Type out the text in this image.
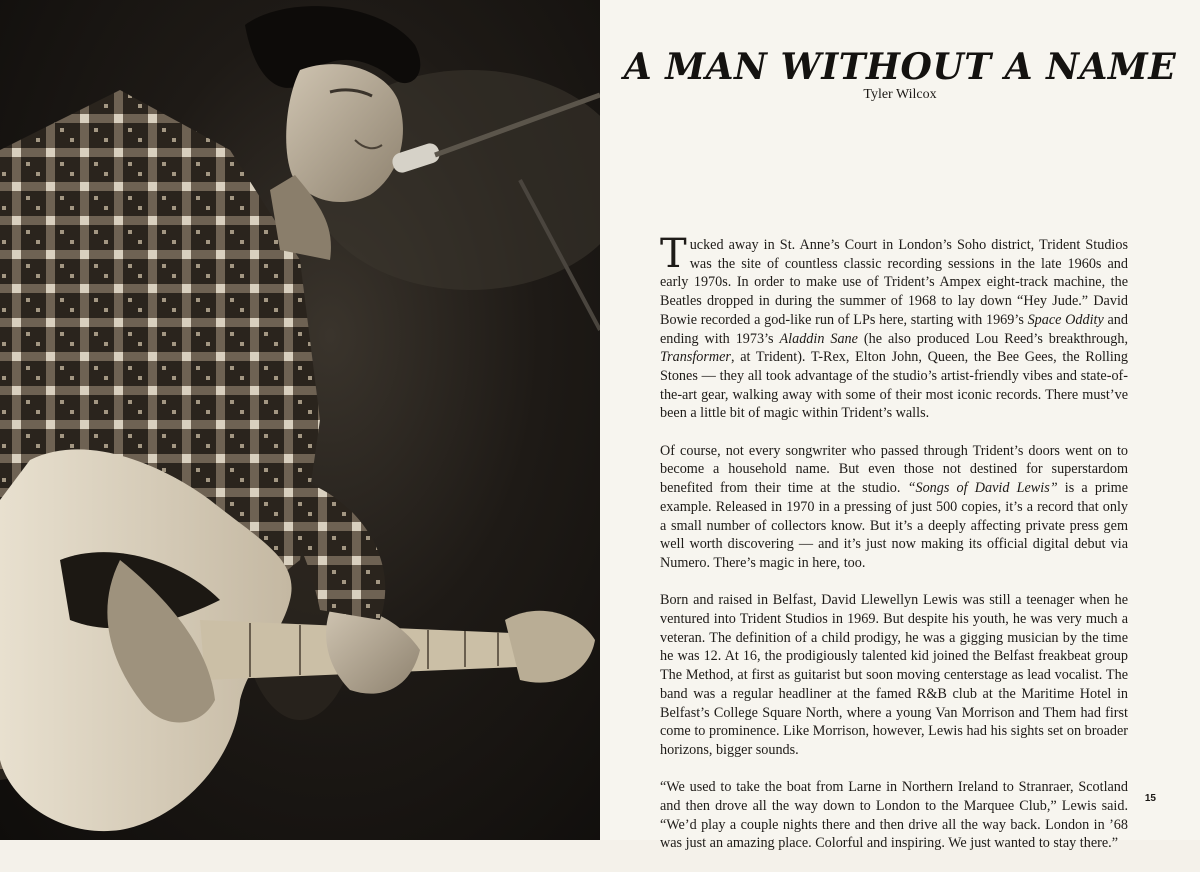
A MAN WITHOUT A NAME
Tyler Wilcox

Tucked away in St. Anne’s Court in London’s Soho district, Trident Studios was the site of countless classic recording sessions in the late 1960s and early 1970s. In order to make use of Trident’s Ampex eight-track machine, the Beatles dropped in during the summer of 1968 to lay down “Hey Jude.” David Bowie recorded a god-like run of LPs here, starting with 1969’s Space Oddity and ending with 1973’s Aladdin Sane (he also produced Lou Reed’s breakthrough, Transformer, at Trident). T-Rex, Elton John, Queen, the Bee Gees, the Rolling Stones — they all took advantage of the studio’s artist-friendly vibes and state-of-the-art gear, walking away with some of their most iconic records. There must’ve been a little bit of magic within Trident’s walls.

Of course, not every songwriter who passed through Trident’s doors went on to become a household name. But even those not destined for superstardom benefited from their time at the studio. “Songs of David Lewis” is a prime example. Released in 1970 in a pressing of just 500 copies, it’s a record that only a small number of collectors know. But it’s a deeply affecting private press gem well worth discovering — and it’s just now making its official digital debut via Numero. There’s magic in here, too.

Born and raised in Belfast, David Llewellyn Lewis was still a teenager when he ventured into Trident Studios in 1969. But despite his youth, he was very much a veteran. The definition of a child prodigy, he was a gigging musician by the time he was 12. At 16, the prodigiously talented kid joined the Belfast freakbeat group The Method, at first as guitarist but soon moving centerstage as lead vocalist. The band was a regular headliner at the famed R&B club at the Maritime Hotel in Belfast’s College Square North, where a young Van Morrison and Them had first come to prominence. Like Morrison, however, Lewis had his sights set on broader horizons, bigger sounds.

“We used to take the boat from Larne in Northern Ireland to Stranraer, Scotland and then drove all the way down to London to the Marquee Club,” Lewis said. “We’d play a couple nights there and then drive all the way back. London in ’68 was just an amazing place. Colorful and inspiring. We just wanted to stay there.”

15
